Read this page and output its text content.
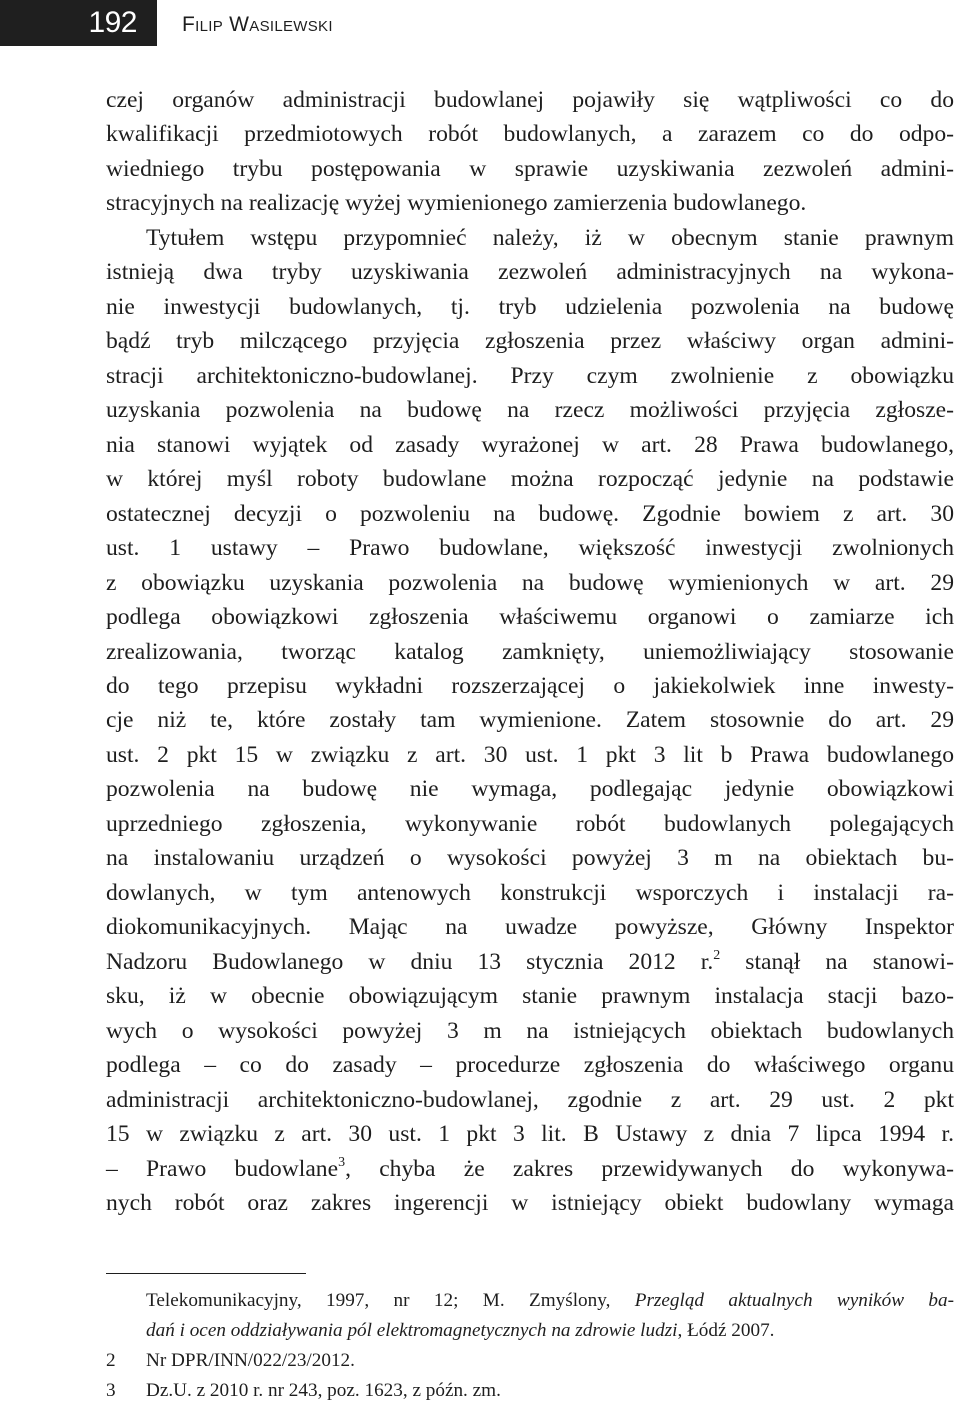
192	Filip Wasilewski
czej organów administracji budowlanej pojawiły się wątpliwości co do
kwalifikacji przedmiotowych robót budowlanych, a zarazem co do odpo-
wiedniego trybu postępowania w sprawie uzyskiwania zezwoleń admini-
stracyjnych na realizację wyżej wymienionego zamierzenia budowlanego.
Tytułem wstępu przypomnieć należy, iż w obecnym stanie prawnym
istnieją dwa tryby uzyskiwania zezwoleń administracyjnych na wykona-
nie inwestycji budowlanych, tj. tryb udzielenia pozwolenia na budowę
bądź tryb milczącego przyjęcia zgłoszenia przez właściwy organ admini-
stracji architektoniczno-budowlanej. Przy czym zwolnienie z obowiązku
uzyskania pozwolenia na budowę na rzecz możliwości przyjęcia zgłosze-
nia stanowi wyjątek od zasady wyrażonej w art. 28 Prawa budowlanego,
w której myśl roboty budowlane można rozpocząć jedynie na podstawie
ostatecznej decyzji o pozwoleniu na budowę. Zgodnie bowiem z art. 30
ust. 1 ustawy – Prawo budowlane, większość inwestycji zwolnionych
z obowiązku uzyskania pozwolenia na budowę wymienionych w art. 29
podlega obowiązkowi zgłoszenia właściwemu organowi o zamiarze ich
zrealizowania, tworząc katalog zamknięty, uniemożliwiający stosowanie
do tego przepisu wykładni rozszerzającej o jakiekolwiek inne inwesty-
cje niż te, które zostały tam wymienione. Zatem stosownie do art. 29
ust. 2 pkt 15 w związku z art. 30 ust. 1 pkt 3 lit b Prawa budowlanego
pozwolenia na budowę nie wymaga, podlegając jedynie obowiązkowi
uprzedniego zgłoszenia, wykonywanie robót budowlanych polegających
na instalowaniu urządzeń o wysokości powyżej 3 m na obiektach bu-
dowlanych, w tym antenowych konstrukcji wsporczych i instalacji ra-
diokomunikacyjnych. Mając na uwadze powyższe, Główny Inspektor
Nadzoru Budowlanego w dniu 13 stycznia 2012 r.$^2$ stanął na stanowi-
sku, iż w obecnie obowiązującym stanie prawnym instalacja stacji bazo-
wych o wysokości powyżej 3 m na istniejących obiektach budowlanych
podlega – co do zasady – procedurze zgłoszenia do właściwego organu
administracji architektoniczno-budowlanej, zgodnie z art. 29 ust. 2 pkt
15 w związku z art. 30 ust. 1 pkt 3 lit. B Ustawy z dnia 7 lipca 1994 r.
– Prawo budowlane$^3$, chyba że zakres przewidywanych do wykonywa-
nych robót oraz zakres ingerencji w istniejący obiekt budowlany wymaga
Telekomunikacyjny, 1997, nr 12; M. Zmyślony, Przegląd aktualnych wyników ba-
dań i ocen oddziaływania pól elektromagnetycznych na zdrowie ludzi, Łódź 2007.
2	Nr DPR/INN/022/23/2012.
3	Dz.U. z 2010 r. nr 243, poz. 1623, z późn. zm.
